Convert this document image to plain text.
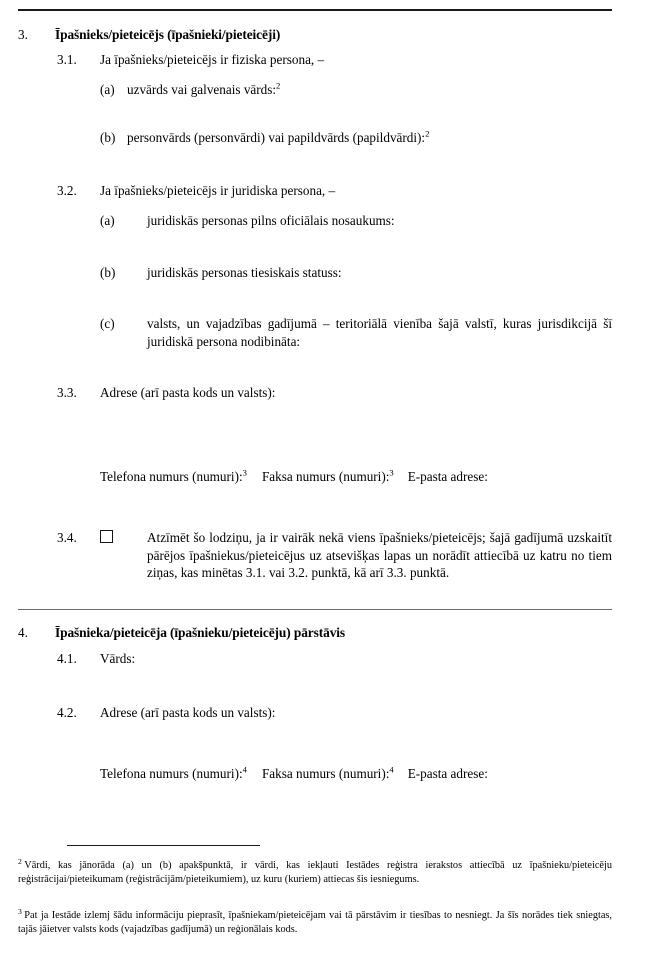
3. Īpašnieks/pieteicējs (īpašnieki/pieteicēji)
3.1. Ja īpašnieks/pieteicējs ir fiziska persona, –
(a) uzvārds vai galvenais vārds:$^2$
(b) personvārds (personvārdi) vai papildvārds (papildvārdi):$^2$
3.2. Ja īpašnieks/pieteicējs ir juridiska persona, –
(a) juridiskās personas pilns oficiālais nosaukums:
(b) juridiskās personas tiesiskais statuss:
(c) valsts, un vajadzības gadījumā – teritoriālā vienība šajā valstī, kuras jurisdikcijā šī juridiskā persona nodibināta:
3.3. Adrese (arī pasta kods un valsts):
Telefona numurs (numuri):$^3$ Faksa numurs (numuri):$^3$ E-pasta adrese:
3.4.	Atzīmēt šo lodziņu, ja ir vairāk nekā viens īpašnieks/pieteicējs; šajā gadījumā uzskaitīt pārējos īpašniekus/pieteicējus uz atsevišķas lapas un norādīt attiecībā uz katru no tiem ziņas, kas minētas 3.1. vai 3.2. punktā, kā arī 3.3. punktā.
4. Īpašnieka/pieteicēja (īpašnieku/pieteicēju) pārstāvis
4.1. Vārds:
4.2. Adrese (arī pasta kods un valsts):
Telefona numurs (numuri):$^4$ Faksa numurs (numuri):$^4$ E-pasta adrese:
$^2$ Vārdi, kas jānorāda (a) un (b) apakšpunktā, ir vārdi, kas iekļauti Iestādes reģistra ierakstos attiecībā uz īpašnieku/pieteicēju reģistrācijai/pieteikumam (reģistrācijām/pieteikumiem), uz kuru (kuriem) attiecas šis iesniegums.
$^3$ Pat ja Iestāde izlemj šādu informāciju pieprasīt, īpašniekam/pieteicējam vai tā pārstāvim ir tiesības to nesniegt. Ja šīs norādes tiek sniegtas, tajās jāietver valsts kods (vajadzības gadījumā) un reģionālais kods.
